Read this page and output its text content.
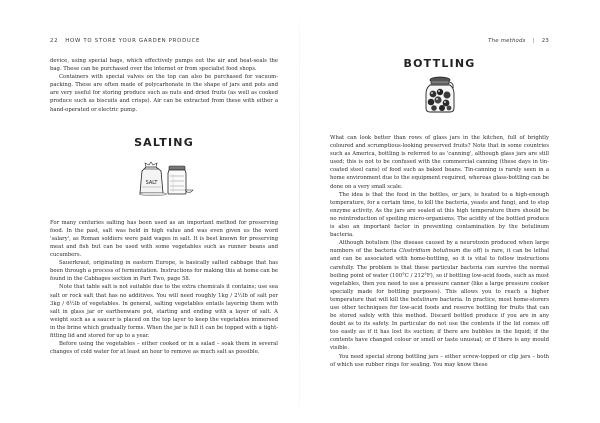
22 HOW TO STORE YOUR GARDEN PRODUCE

device, using special bags, which effectively pumps out the air and heat-seals the bag. These can be purchased over the internet or from specialist food shops.

Containers with special valves on the top can also be purchased for vacuum-packing. These are often made of polycarbonate in the shape of jars and pots and are very useful for storing produce such as nuts and dried fruits (as well as cooked produce such as biscuits and crisps). Air can be extracted from these with either a hand-operated or electric pump.

SALTING
SALT

For many centuries salting has been used as an important method for preserving food. In the past, salt was held in high value and was even given us the word 'salary', as Roman soldiers were paid wages in salt. It is best known for preserving meat and fish but can be used with some vegetables such as runner beans and cucumbers.

Sauerkraut, originating in eastern Europe, is basically salted cabbage that has been through a process of fermentation. Instructions for making this at home can be found in the Cabbages section in Part Two, page 58.

Note that table salt is not suitable due to the extra chemicals it contains; use sea salt or rock salt that has no additives. You will need roughly 1kg / 2½lb of salt per 3kg / 6½lb of vegetables. In general, salting vegetables entails layering them with salt in glass jar or earthenware pot, starting and ending with a layer of salt. A weight such as a saucer is placed on the top layer to keep the vegetables immersed in the brine which gradually forms. When the jar is full it can be topped with a tight-fitting lid and stored for up to a year.

Before using the vegetables – either cooked or in a salad – soak them in several changes of cold water for at least an hour to remove as much salt as possible.

The methods | 23
BOTTLING

What can look better than rows of glass jars in the kitchen, full of brightly coloured and scrumptious-looking preserved fruits? Note that in some countries such as America, bottling is referred to as 'canning', although glass jars are still used; this is not to be confused with the commercial canning (these days in tin-coated steel cans) of food such as baked beans. Tin-canning is rarely seen in a home environment due to the equipment required, whereas glass-bottling can be done on a very small scale.

The idea is that the food in the bottles, or jars, is heated to a high-enough temperature, for a certain time, to kill the bacteria, yeasts and fungi, and to stop enzyme activity. As the jars are sealed at this high temperature there should be no reintroduction of spoiling micro-organisms. The acidity of the bottled produce is also an important factor in preventing contamination by the botulinum bacteria.

Although botulism (the disease caused by a neurotoxin produced when large numbers of the bacteria Clostridium botulinum die off) is rare, it can be lethal and can be associated with home-bottling, so it is vital to follow instructions carefully. The problem is that these particular bacteria can survive the normal boiling point of water (100°C / 212°F), so if bottling low-acid foods, such as most vegetables, then you need to use a pressure canner (like a large pressure cooker specially made for bottling purposes). This allows you to reach a higher temperature that will kill the botulinum bacteria. In practice, most home-storers use other techniques for low-acid foods and reserve bottling for fruits that can be stored safely with this method. Discard bottled produce if you are in any doubt as to its safety. In particular do not use the contents if the lid comes off too easily as if it has lost its suction; if there are bubbles in the liquid; if the contents have changed colour or smell or taste unusual; or if there is any mould visible.

You need special strong bottling jars – either screw-topped or clip jars – both of which use rubber rings for sealing. You may know these
